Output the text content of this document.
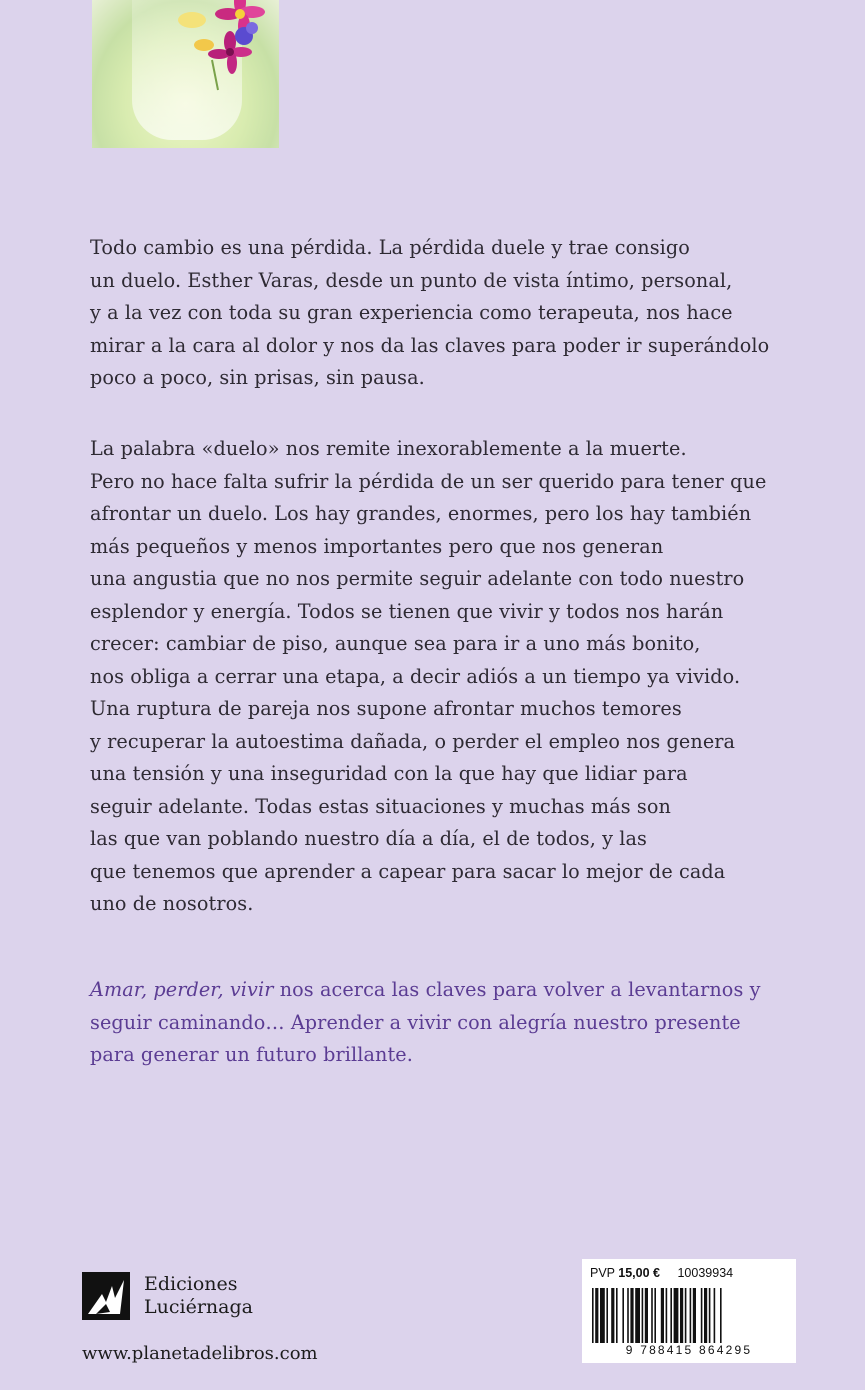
Todo cambio es una pérdida. La pérdida duele y trae consigo
un duelo. Esther Varas, desde un punto de vista íntimo, personal,
y a la vez con toda su gran experiencia como terapeuta, nos hace
mirar a la cara al dolor y nos da las claves para poder ir superándolo
poco a poco, sin prisas, sin pausa.

La palabra «duelo» nos remite inexorablemente a la muerte.
Pero no hace falta sufrir la pérdida de un ser querido para tener que
afrontar un duelo. Los hay grandes, enormes, pero los hay también
más pequeños y menos importantes pero que nos generan
una angustia que no nos permite seguir adelante con todo nuestro
esplendor y energía. Todos se tienen que vivir y todos nos harán
crecer: cambiar de piso, aunque sea para ir a uno más bonito,
nos obliga a cerrar una etapa, a decir adiós a un tiempo ya vivido.
Una ruptura de pareja nos supone afrontar muchos temores
y recuperar la autoestima dañada, o perder el empleo nos genera
una tensión y una inseguridad con la que hay que lidiar para
seguir adelante. Todas estas situaciones y muchas más son
las que van poblando nuestro día a día, el de todos, y las
que tenemos que aprender a capear para sacar lo mejor de cada
uno de nosotros.

Amar, perder, vivir nos acerca las claves para volver a levantarnos y
seguir caminando… Aprender a vivir con alegría nuestro presente
para generar un futuro brillante.

Ediciones
Luciérnaga
www.planetadelibros.com
PVP 15,00 € 10039934
9 788415 864295
